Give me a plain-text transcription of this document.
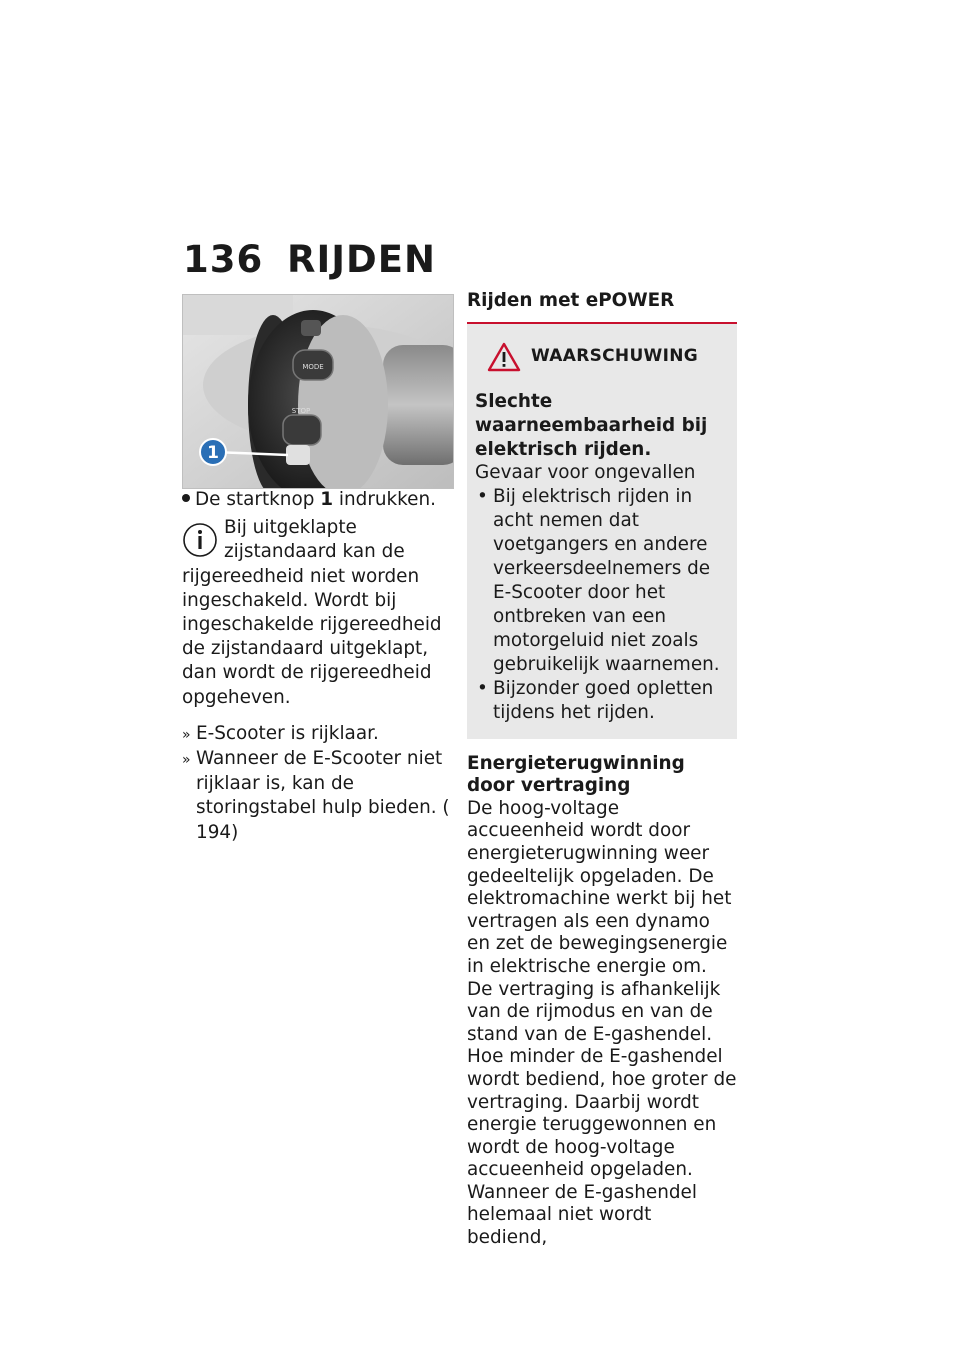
136 RIJDEN
MODE
STOP
1

De startknop 1 indrukken.

Bij uitgeklapte zijstandaard kan de rijgereedheid niet worden ingeschakeld. Wordt bij ingeschakelde rijgereedheid de zijstandaard uitgeklapt, dan wordt de rijgereedheid opgeheven.

» E-Scooter is rijklaar.

» Wanneer de E-Scooter niet rijklaar is, kan de storingstabel hulp bieden. ( 194)

Rijden met ePOWER

WAARSCHUWING

Slechte waarneembaarheid bij elektrisch rijden.

Gevaar voor ongevallen

• Bij elektrisch rijden in acht nemen dat voetgangers en andere verkeersdeelnemers de E-Scooter door het ontbreken van een motorgeluid niet zoals gebruikelijk waarnemen.
• Bijzonder goed opletten tijdens het rijden.

Energieterugwinning door vertraging

De hoog-voltage accueenheid wordt door energieterugwinning weer gedeeltelijk opgeladen. De elektromachine werkt bij het vertragen als een dynamo en zet de bewegingsenergie in elektrische energie om.

De vertraging is afhankelijk van de rijmodus en van de stand van de E-gashendel. Hoe minder de E-gashendel wordt bediend, hoe groter de vertraging. Daarbij wordt energie teruggewonnen en wordt de hoog-voltage accueenheid opgeladen. Wanneer de E-gashendel helemaal niet wordt bediend,
